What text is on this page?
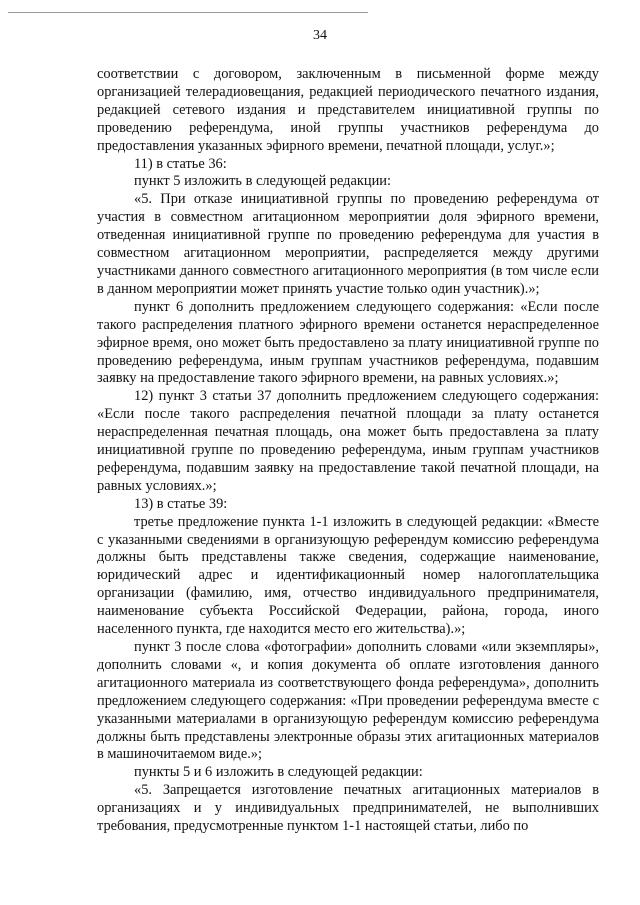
34

соответствии с договором, заключенным в письменной форме между организацией телерадиовещания, редакцией периодического печатного издания, редакцией сетевого издания и представителем инициативной группы по проведению референдума, иной группы участников референдума до предоставления указанных эфирного времени, печатной площади, услуг.»;

11) в статье 36:

пункт 5 изложить в следующей редакции:

«5. При отказе инициативной группы по проведению референдума от участия в совместном агитационном мероприятии доля эфирного времени, отведенная инициативной группе по проведению референдума для участия в совместном агитационном мероприятии, распределяется между другими участниками данного совместного агитационного мероприятия (в том числе если в данном мероприятии может принять участие только один участник).»;

пункт 6 дополнить предложением следующего содержания: «Если после такого распределения платного эфирного времени останется нераспределенное эфирное время, оно может быть предоставлено за плату инициативной группе по проведению референдума, иным группам участников референдума, подавшим заявку на предоставление такого эфирного времени, на равных условиях.»;

12) пункт 3 статьи 37 дополнить предложением следующего содержания: «Если после такого распределения печатной площади за плату останется нераспределенная печатная площадь, она может быть предоставлена за плату инициативной группе по проведению референдума, иным группам участников референдума, подавшим заявку на предоставление такой печатной площади, на равных условиях.»;

13) в статье 39:

третье предложение пункта 1-1 изложить в следующей редакции: «Вместе с указанными сведениями в организующую референдум комиссию референдума должны быть представлены также сведения, содержащие наименование, юридический адрес и идентификационный номер налогоплательщика организации (фамилию, имя, отчество индивидуального предпринимателя, наименование субъекта Российской Федерации, района, города, иного населенного пункта, где находится место его жительства).»;

пункт 3 после слова «фотографии» дополнить словами «или экземпляры», дополнить словами «, и копия документа об оплате изготовления данного агитационного материала из соответствующего фонда референдума», дополнить предложением следующего содержания: «При проведении референдума вместе с указанными материалами в организующую референдум комиссию референдума должны быть представлены электронные образы этих агитационных материалов в машиночитаемом виде.»;

пункты 5 и 6 изложить в следующей редакции:

«5. Запрещается изготовление печатных агитационных материалов в организациях и у индивидуальных предпринимателей, не выполнивших требования, предусмотренные пунктом 1-1 настоящей статьи, либо по
